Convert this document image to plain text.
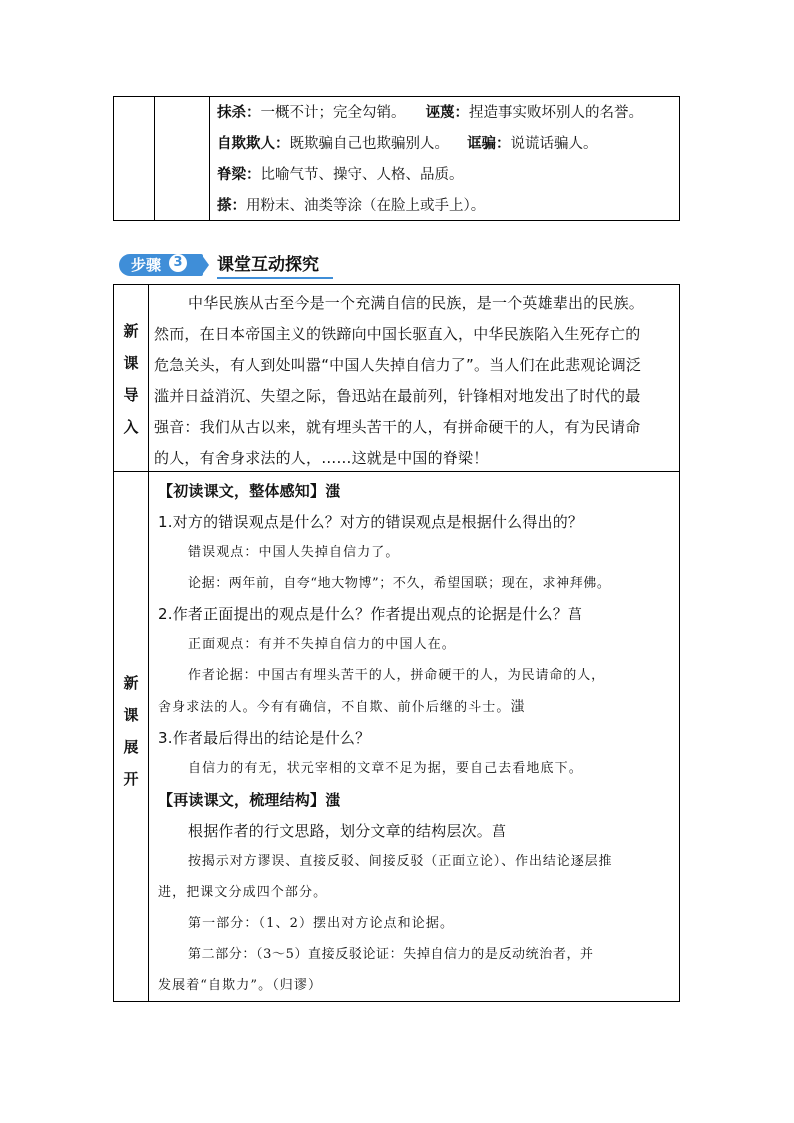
抹杀：一概不计；完全勾销。 诬蔑：捏造事实败坏别人的名誉。
自欺欺人：既欺骗自己也欺骗别人。 诓骗：说谎话骗人。
脊梁：比喻气节、操守、人格、品质。
搽：用粉末、油类等涂（在脸上或手上）。
步骤 3 课堂互动探究
新
课
导
入
中华民族从古至今是一个充满自信的民族，是一个英雄辈出的民族。
然而，在日本帝国主义的铁蹄向中国长驱直入，中华民族陷入生死存亡的
危急关头，有人到处叫嚣“中国人失掉自信力了”。当人们在此悲观论调泛
滥并日益消沉、失望之际，鲁迅站在最前列，针锋相对地发出了时代的最
强音：我们从古以来，就有埋头苦干的人，有拼命硬干的人，有为民请命
的人，有舍身求法的人，……这就是中国的脊梁！
新
课
展
开
【初读课文，整体感知】滍
1.对方的错误观点是什么？对方的错误观点是根据什么得出的？
错误观点：中国人失掉自信力了。
论据：两年前，自夸“地大物博”；不久，希望国联；现在，求神拜佛。
2.作者正面提出的观点是什么？作者提出观点的论据是什么？菖
正面观点：有并不失掉自信力的中国人在。
作者论据：中国古有埋头苦干的人，拼命硬干的人，为民请命的人，
舍身求法的人。今有有确信，不自欺、前仆后继的斗士。滍
3.作者最后得出的结论是什么？
自信力的有无，状元宰相的文章不足为据，要自己去看地底下。
【再读课文，梳理结构】滍
根据作者的行文思路，划分文章的结构层次。菖
按揭示对方谬误、直接反驳、间接反驳（正面立论）、作出结论逐层推
进，把课文分成四个部分。
第一部分：（1、2）摆出对方论点和论据。
第二部分：（3～5）直接反驳论证：失掉自信力的是反动统治者，并
发展着“自欺力”。（归谬）
